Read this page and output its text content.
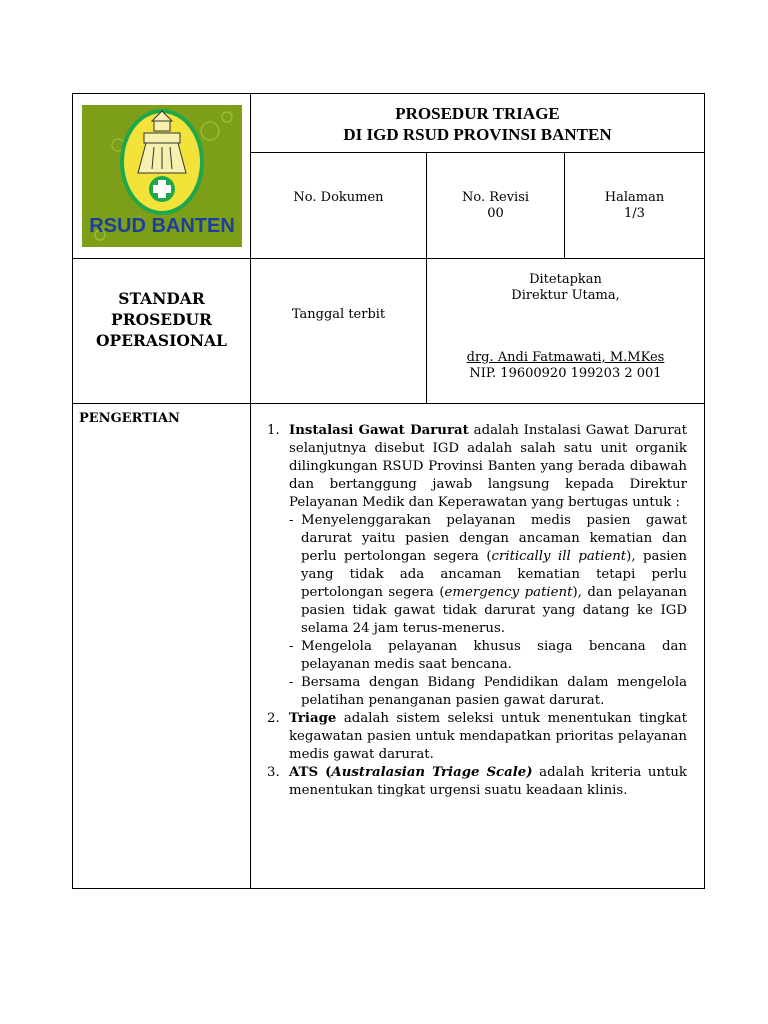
RSUD BANTEN
PROSEDUR TRIAGE
DI IGD RSUD PROVINSI BANTEN
No. Dokumen	No. Revisi
00
Halaman
1/3
STANDAR
PROSEDUR
OPERASIONAL
Tanggal terbit
Ditetapkan
Direktur Utama,
drg. Andi Fatmawati, M.MKes
NIP. 19600920 199203 2 001
PENGERTIAN
1. Instalasi Gawat Darurat adalah Instalasi Gawat Darurat selanjutnya disebut IGD adalah salah satu unit organik dilingkungan RSUD Provinsi Banten yang berada dibawah dan bertanggung jawab langsung kepada Direktur Pelayanan Medik dan Keperawatan yang bertugas untuk :

- Menyelenggarakan pelayanan medis pasien gawat darurat yaitu pasien dengan ancaman kematian dan perlu pertolongan segera (critically ill patient), pasien yang tidak ada ancaman kematian tetapi perlu pertolongan segera (emergency patient), dan pelayanan pasien tidak gawat tidak darurat yang datang ke IGD selama 24 jam terus-menerus.

- Mengelola pelayanan khusus siaga bencana dan pelayanan medis saat bencana.

- Bersama dengan Bidang Pendidikan dalam mengelola pelatihan penanganan pasien gawat darurat.

2. Triage adalah sistem seleksi untuk menentukan tingkat kegawatan pasien untuk mendapatkan prioritas pelayanan medis gawat darurat.

3. ATS (Australasian Triage Scale) adalah kriteria untuk menentukan tingkat urgensi suatu keadaan klinis.
